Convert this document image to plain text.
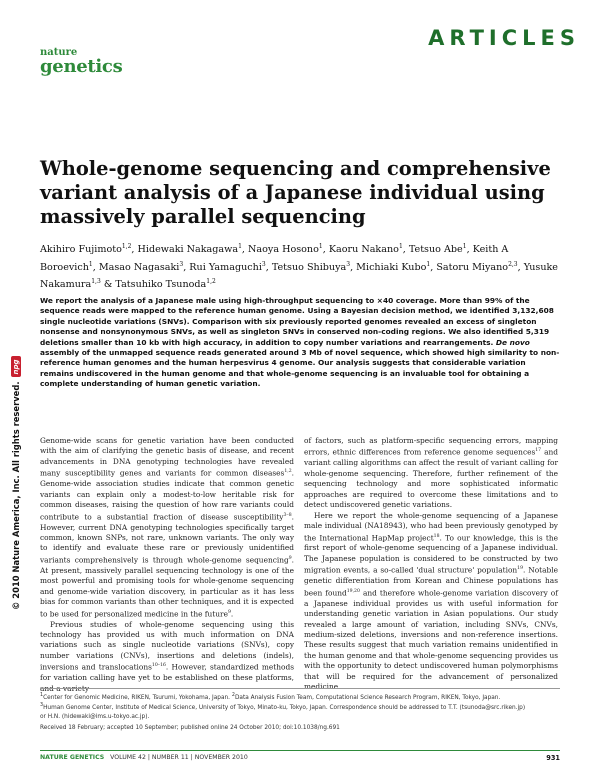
ARTICLES
nature
genetics
© 2010 Nature America, Inc. All rights reserved.
npg
Whole-genome sequencing and comprehensive variant analysis of a Japanese individual using massively parallel sequencing
Akihiro Fujimoto$^{1,2}$, Hidewaki Nakagawa$^1$, Naoya Hosono$^1$, Kaoru Nakano$^1$, Tetsuo Abe$^1$, Keith A Boroevich$^1$, Masao Nagasaki$^3$, Rui Yamaguchi$^3$, Tetsuo Shibuya$^3$, Michiaki Kubo$^1$, Satoru Miyano$^{2,3}$, Yusuke Nakamura$^{1,3}$ & Tatsuhiko Tsunoda$^{1,2}$
We report the analysis of a Japanese male using high-throughput sequencing to ×40 coverage. More than 99% of the sequence reads were mapped to the reference human genome. Using a Bayesian decision method, we identified 3,132,608 single nucleotide variations (SNVs). Comparison with six previously reported genomes revealed an excess of singleton nonsense and nonsynonymous SNVs, as well as singleton SNVs in conserved non-coding regions. We also identified 5,319 deletions smaller than 10 kb with high accuracy, in addition to copy number variations and rearrangements. De novo assembly of the unmapped sequence reads generated around 3 Mb of novel sequence, which showed high similarity to non-reference human genomes and the human herpesvirus 4 genome. Our analysis suggests that considerable variation remains undiscovered in the human genome and that whole-genome sequencing is an invaluable tool for obtaining a complete understanding of human genetic variation.

Genome-wide scans for genetic variation have been conducted with the aim of clarifying the genetic basis of disease, and recent advancements in DNA genotyping technologies have revealed many susceptibility genes and variants for common diseases$^{1,2}$. Genome-wide association studies indicate that common genetic variants can explain only a modest-to-low heritable risk for common diseases, raising the question of how rare variants could contribute to a substantial fraction of disease susceptibility$^{3-8}$. However, current DNA genotyping technologies specifically target common, known SNPs, not rare, unknown variants. The only way to identify and evaluate these rare or previously unidentified variants comprehensively is through whole-genome sequencing$^9$. At present, massively parallel sequencing technology is one of the most powerful and promising tools for whole-genome sequencing and genome-wide variation discovery, in particular as it has less bias for common variants than other techniques, and it is expected to be used for personalized medicine in the future$^9$.

Previous studies of whole-genome sequencing using this technology has provided us with much information on DNA variations such as single nucleotide variations (SNVs), copy number variations (CNVs), insertions and deletions (indels), inversions and translocations$^{10-16}$. However, standardized methods for variation calling have yet to be established on these platforms, and a variety

of factors, such as platform-specific sequencing errors, mapping errors, ethnic differences from reference genome sequences$^{17}$ and variant calling algorithms can affect the result of variant calling for whole-genome sequencing. Therefore, further refinement of the sequencing technology and more sophisticated informatic approaches are required to overcome these limitations and to detect undiscovered genetic variations.

Here we report the whole-genome sequencing of a Japanese male individual (NA18943), who had been previously genotyped by the International HapMap project$^{18}$. To our knowledge, this is the first report of whole-genome sequencing of a Japanese individual. The Japanese population is considered to be constructed by two migration events, a so-called 'dual structure' population$^{19}$. Notable genetic differentiation from Korean and Chinese populations has been found$^{19,20}$ and therefore whole-genome variation discovery of a Japanese individual provides us with useful information for understanding genetic variation in Asian populations. Our study revealed a large amount of variation, including SNVs, CNVs, medium-sized deletions, inversions and non-reference insertions. These results suggest that much variation remains unidentified in the human genome and that whole-genome sequencing provides us with the opportunity to detect undiscovered human polymorphisms that will be required for the advancement of personalized medicine.

$^1$Center for Genomic Medicine, RIKEN, Tsurumi, Yokohama, Japan. $^2$Data Analysis Fusion Team, Computational Science Research Program, RIKEN, Tokyo, Japan.
$^3$Human Genome Center, Institute of Medical Science, University of Tokyo, Minato-ku, Tokyo, Japan. Correspondence should be addressed to T.T. (tsunoda@src.riken.jp)
or H.N. (hidewaki@ims.u-tokyo.ac.jp).
Received 18 February; accepted 10 September; published online 24 October 2010; doi:10.1038/ng.691
NATURE GENETICS VOLUME 42 | NUMBER 11 | NOVEMBER 2010	931
